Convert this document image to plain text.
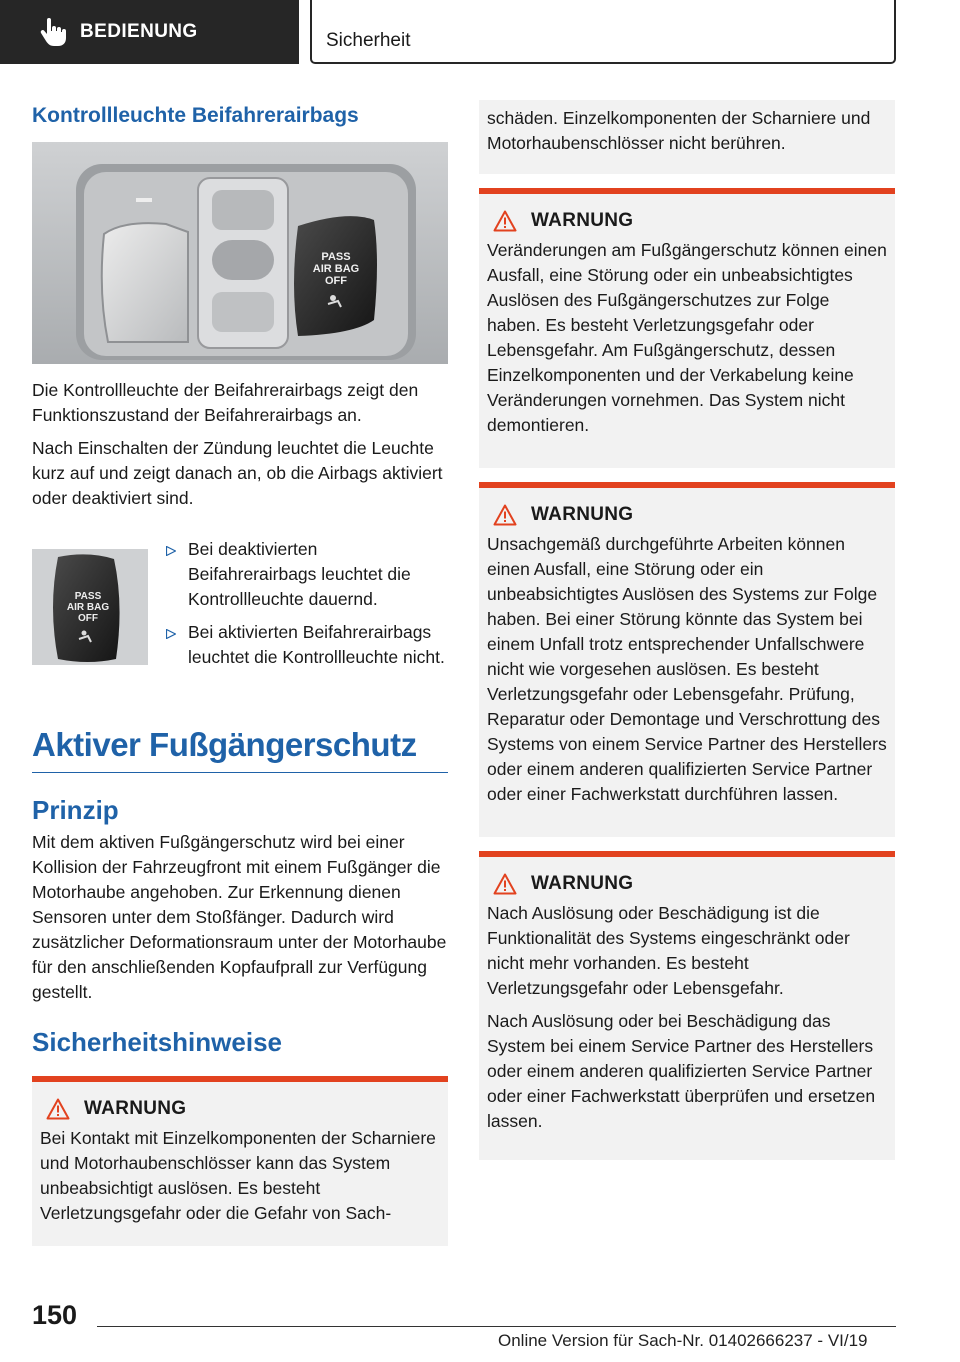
BEDIENUNG	Sicherheit
Kontrollleuchte Beifahrerairbags
PASS
AIR BAG
OFF

Die Kontrollleuchte der Beifahrerairbags zeigt den Funktionszustand der Beifahrerairbags an.

Nach Einschalten der Zündung leuchtet die Leuchte kurz auf und zeigt danach an, ob die Airbags aktiviert oder deaktiviert sind.

PASS
AIR BAG
OFF
Bei deaktivierten Beifahrerairbags leuchtet die Kontrollleuchte dauernd.
Bei aktivierten Beifahrerairbags leuchtet die Kontrollleuchte nicht.
Aktiver Fußgängerschutz
Prinzip

Mit dem aktiven Fußgängerschutz wird bei einer Kollision der Fahrzeugfront mit einem Fußgänger die Motorhaube angehoben. Zur Erkennung dienen Sensoren unter dem Stoßfänger. Dadurch wird zusätzlicher Deformationsraum unter der Motorhaube für den anschließenden Kopfaufprall zur Verfügung gestellt.

Sicherheitshinweise
WARNUNG

Bei Kontakt mit Einzelkomponenten der Scharniere und Motorhaubenschlösser kann das System unbeabsichtigt auslösen. Es besteht Verletzungsgefahr oder die Gefahr von Sach-

schäden. Einzelkomponenten der Scharniere und Motorhaubenschlösser nicht berühren.

WARNUNG

Veränderungen am Fußgängerschutz können einen Ausfall, eine Störung oder ein unbeabsichtigtes Auslösen des Fußgängerschutzes zur Folge haben. Es besteht Verletzungsgefahr oder Lebensgefahr. Am Fußgängerschutz, dessen Einzelkomponenten und der Verkabelung keine Veränderungen vornehmen. Das System nicht demontieren.

WARNUNG

Unsachgemäß durchgeführte Arbeiten können einen Ausfall, eine Störung oder ein unbeabsichtigtes Auslösen des Systems zur Folge haben. Bei einer Störung könnte das System bei einem Unfall trotz entsprechender Unfallschwere nicht wie vorgesehen auslösen. Es besteht Verletzungsgefahr oder Lebensgefahr. Prüfung, Reparatur oder Demontage und Verschrottung des Systems von einem Service Partner des Herstellers oder einem anderen qualifizierten Service Partner oder einer Fachwerkstatt durchführen lassen.

WARNUNG

Nach Auslösung oder Beschädigung ist die Funktionalität des Systems eingeschränkt oder nicht mehr vorhanden. Es besteht Verletzungsgefahr oder Lebensgefahr.

Nach Auslösung oder bei Beschädigung das System bei einem Service Partner des Herstellers oder einem anderen qualifizierten Service Partner oder einer Fachwerkstatt überprüfen und ersetzen lassen.

150
Online Version für Sach-Nr. 01402666237 - VI/19
